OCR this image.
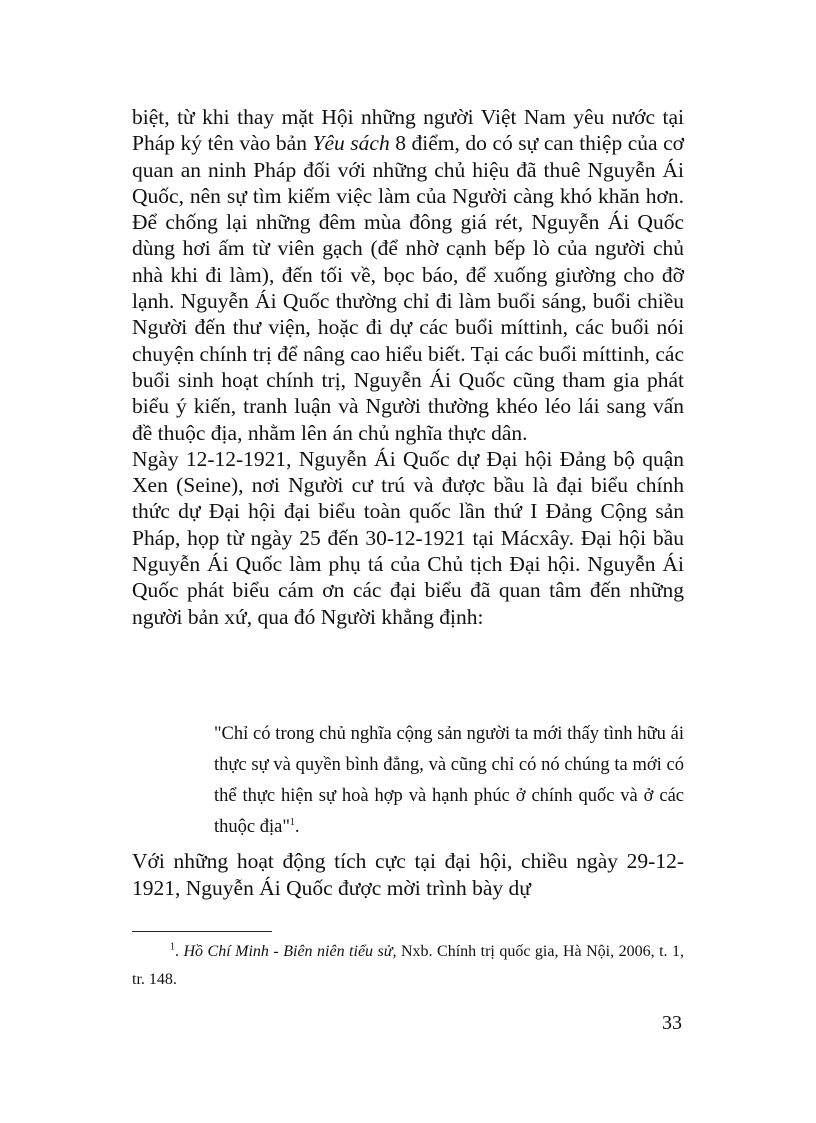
biệt, từ khi thay mặt Hội những người Việt Nam yêu nước tại Pháp ký tên vào bản Yêu sách 8 điểm, do có sự can thiệp của cơ quan an ninh Pháp đối với những chủ hiệu đã thuê Nguyễn Ái Quốc, nên sự tìm kiếm việc làm của Người càng khó khăn hơn. Để chống lại những đêm mùa đông giá rét, Nguyễn Ái Quốc dùng hơi ấm từ viên gạch (để nhờ cạnh bếp lò của người chủ nhà khi đi làm), đến tối về, bọc báo, để xuống giường cho đỡ lạnh. Nguyễn Ái Quốc thường chỉ đi làm buổi sáng, buổi chiều Người đến thư viện, hoặc đi dự các buổi míttinh, các buổi nói chuyện chính trị để nâng cao hiểu biết. Tại các buổi míttinh, các buổi sinh hoạt chính trị, Nguyễn Ái Quốc cũng tham gia phát biểu ý kiến, tranh luận và Người thường khéo léo lái sang vấn đề thuộc địa, nhằm lên án chủ nghĩa thực dân.

Ngày 12-12-1921, Nguyễn Ái Quốc dự Đại hội Đảng bộ quận Xen (Seine), nơi Người cư trú và được bầu là đại biểu chính thức dự Đại hội đại biểu toàn quốc lần thứ I Đảng Cộng sản Pháp, họp từ ngày 25 đến 30-12-1921 tại Mácxây. Đại hội bầu Nguyễn Ái Quốc làm phụ tá của Chủ tịch Đại hội. Nguyễn Ái Quốc phát biểu cám ơn các đại biểu đã quan tâm đến những người bản xứ, qua đó Người khẳng định:

"Chỉ có trong chủ nghĩa cộng sản người ta mới thấy tình hữu ái thực sự và quyền bình đẳng, và cũng chỉ có nó chúng ta mới có thể thực hiện sự hoà hợp và hạnh phúc ở chính quốc và ở các thuộc địa"$^1$.

Với những hoạt động tích cực tại đại hội, chiều ngày 29-12-1921, Nguyễn Ái Quốc được mời trình bày dự

$^1$. Hồ Chí Minh - Biên niên tiểu sử, Nxb. Chính trị quốc gia, Hà Nội, 2006, t. 1, tr. 148.

33
